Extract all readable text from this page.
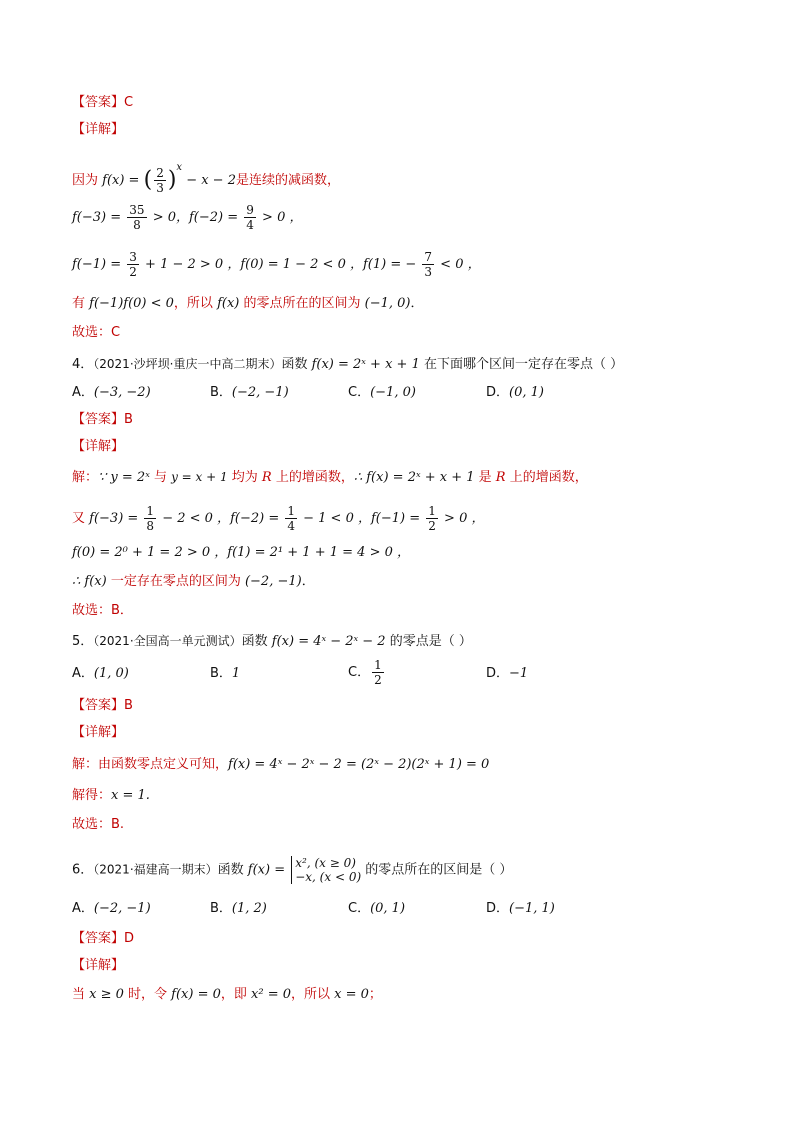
【答案】C
【详解】
因为 f(x) = ( $\frac{2}{3} )^x - x - 2$是连续的减函数，
$f(-3) = \frac{35}{8} > 0$，$f(-2) = \frac{9}{4} > 0$ ，
$f(-1) = \frac{3}{2} + 1 - 2 > 0$ ，f(0) = 1 − 2 < 0 ，f(1) = − $\frac{7}{3} < 0$ ，
有 f(−1)f(0) < 0，所以 f(x) 的零点所在的区间为 (−1, 0)．
故选：C
4．（2021·沙坪坝·重庆一中高二期末）函数 f(x) = 2ˣ + x + 1 在下面哪个区间一定存在零点（ ）
A．(−3, −2)	B．(−2, −1)	C．(−1, 0)	D．(0, 1)
【答案】B
【详解】
解：∵ y = 2ˣ 与 y = x + 1 均为 R 上的增函数，∴ f(x) = 2ˣ + x + 1 是 R 上的增函数，
又 $f(-3) = \frac{1}{8} - 2 < 0$ ，$f(-2) = \frac{1}{4} - 1 < 0$ ，$f(-1) = \frac{1}{2} > 0$ ，
f(0) = 2⁰ + 1 = 2 > 0 ，f(1) = 2¹ + 1 + 1 = 4 > 0 ，
∴ f(x) 一定存在零点的区间为 (−2, −1)．
故选：B．
5．（2021·全国高一单元测试）函数 f(x) = 4ˣ − 2ˣ − 2 的零点是（ ）
A．(1, 0)	B．1	C． $\frac{1}{2}$	D．−1
【答案】B
【详解】
解：由函数零点定义可知，f(x) = 4ˣ − 2ˣ − 2 = (2ˣ − 2)(2ˣ + 1) = 0
解得：x = 1.
故选：B.
6．（2021·福建高一期末）函数 f(x) = x², (x ≥ 0)
−x, (x < 0) 的零点所在的区间是（ ）
A．(−2, −1)	B．(1, 2)	C．(0, 1)	D．(−1, 1)
【答案】D
【详解】
当 x ≥ 0 时，令 f(x) = 0，即 x² = 0，所以 x = 0；
